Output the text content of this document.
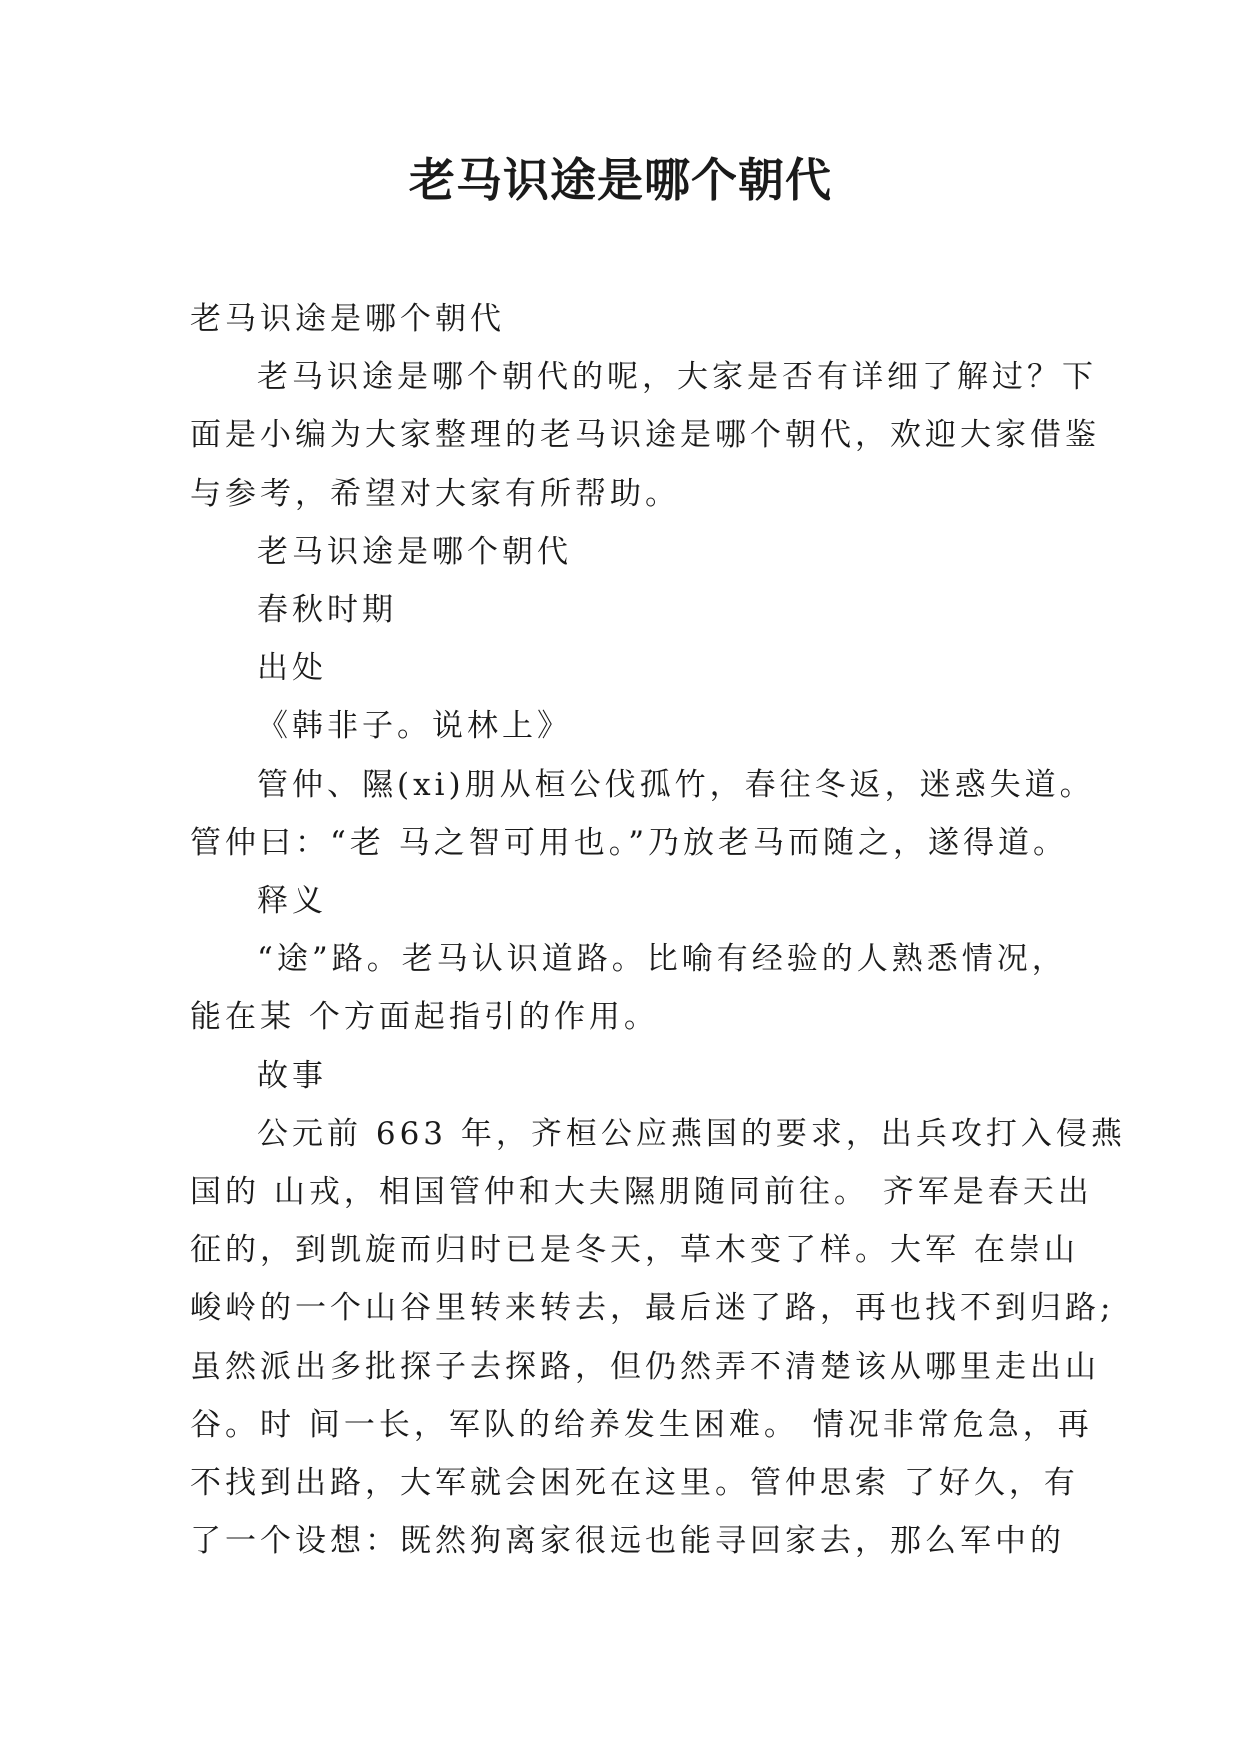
老马识途是哪个朝代

老马识途是哪个朝代

老马识途是哪个朝代的呢，大家是否有详细了解过？下

面是小编为大家整理的老马识途是哪个朝代，欢迎大家借鉴

与参考，希望对大家有所帮助。

老马识途是哪个朝代

春秋时期

出处

《韩非子。说林上》

管仲、隰(xi)朋从桓公伐孤竹，春往冬返，迷惑失道。

管仲曰：“老 马之智可用也。”乃放老马而随之，遂得道。

释义

“途”路。老马认识道路。比喻有经验的人熟悉情况，

能在某 个方面起指引的作用。

故事

公元前 663 年，齐桓公应燕国的要求，出兵攻打入侵燕

国的 山戎，相国管仲和大夫隰朋随同前往。 齐军是春天出

征的，到凯旋而归时已是冬天，草木变了样。大军 在崇山

峻岭的一个山谷里转来转去，最后迷了路，再也找不到归路;

虽然派出多批探子去探路，但仍然弄不清楚该从哪里走出山

谷。时 间一长，军队的给养发生困难。 情况非常危急，再

不找到出路，大军就会困死在这里。管仲思索 了好久，有

了一个设想：既然狗离家很远也能寻回家去，那么军中的
